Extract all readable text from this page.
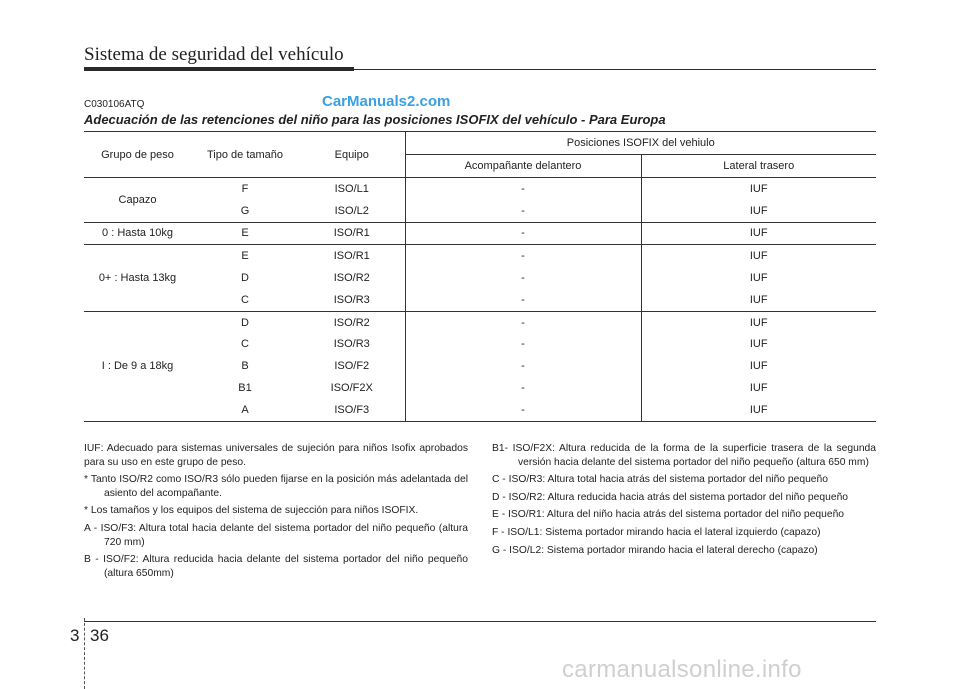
Sistema de seguridad del vehículo
C030106ATQ	CarManuals2.com
Adecuación de las retenciones del niño para las posiciones ISOFIX del vehículo - Para Europa
Grupo de peso	Tipo de tamaño	Equipo	Posiciones ISOFIX del vehiulo	
			Acompañante delantero	Lateral trasero
Capazo	F	ISO/L1	-	IUF
	G	ISO/L2	-	IUF
0 : Hasta 10kg	E	ISO/R1	-	IUF
0+ : Hasta 13kg	E	ISO/R1	-	IUF
	D	ISO/R2	-	IUF
	C	ISO/R3	-	IUF
I : De 9 a 18kg	D	ISO/R2	-	IUF
	C	ISO/R3	-	IUF
	B	ISO/F2	-	IUF
	B1	ISO/F2X	-	IUF
	A	ISO/F3	-	IUF

IUF: Adecuado para sistemas universales de sujeción para niños Isofix aprobados para su uso en este grupo de peso.

* Tanto ISO/R2 como ISO/R3 sólo pueden fijarse en la posición más adelantada del asiento del acompañante.

* Los tamaños y los equipos del sistema de sujección para niños ISOFIX.

A - ISO/F3: Altura total hacia delante del sistema portador del niño pequeño (altura 720 mm)

B - ISO/F2: Altura reducida hacia delante del sistema portador del niño pequeño (altura 650mm)

B1- ISO/F2X: Altura reducida de la forma de la superficie trasera de la segunda versión hacia delante del sistema portador del niño pequeño (altura 650 mm)

C - ISO/R3: Altura total hacia atrás del sistema portador del niño pequeño

D - ISO/R2: Altura reducida hacia atrás del sistema portador del niño pequeño

E - ISO/R1: Altura del niño hacia atrás del sistema portador del niño pequeño

F - ISO/L1: Sistema portador mirando hacia el lateral izquierdo (capazo)

G - ISO/L2: Sistema portador mirando hacia el lateral derecho (capazo)

3 36
carmanualsonline.info
